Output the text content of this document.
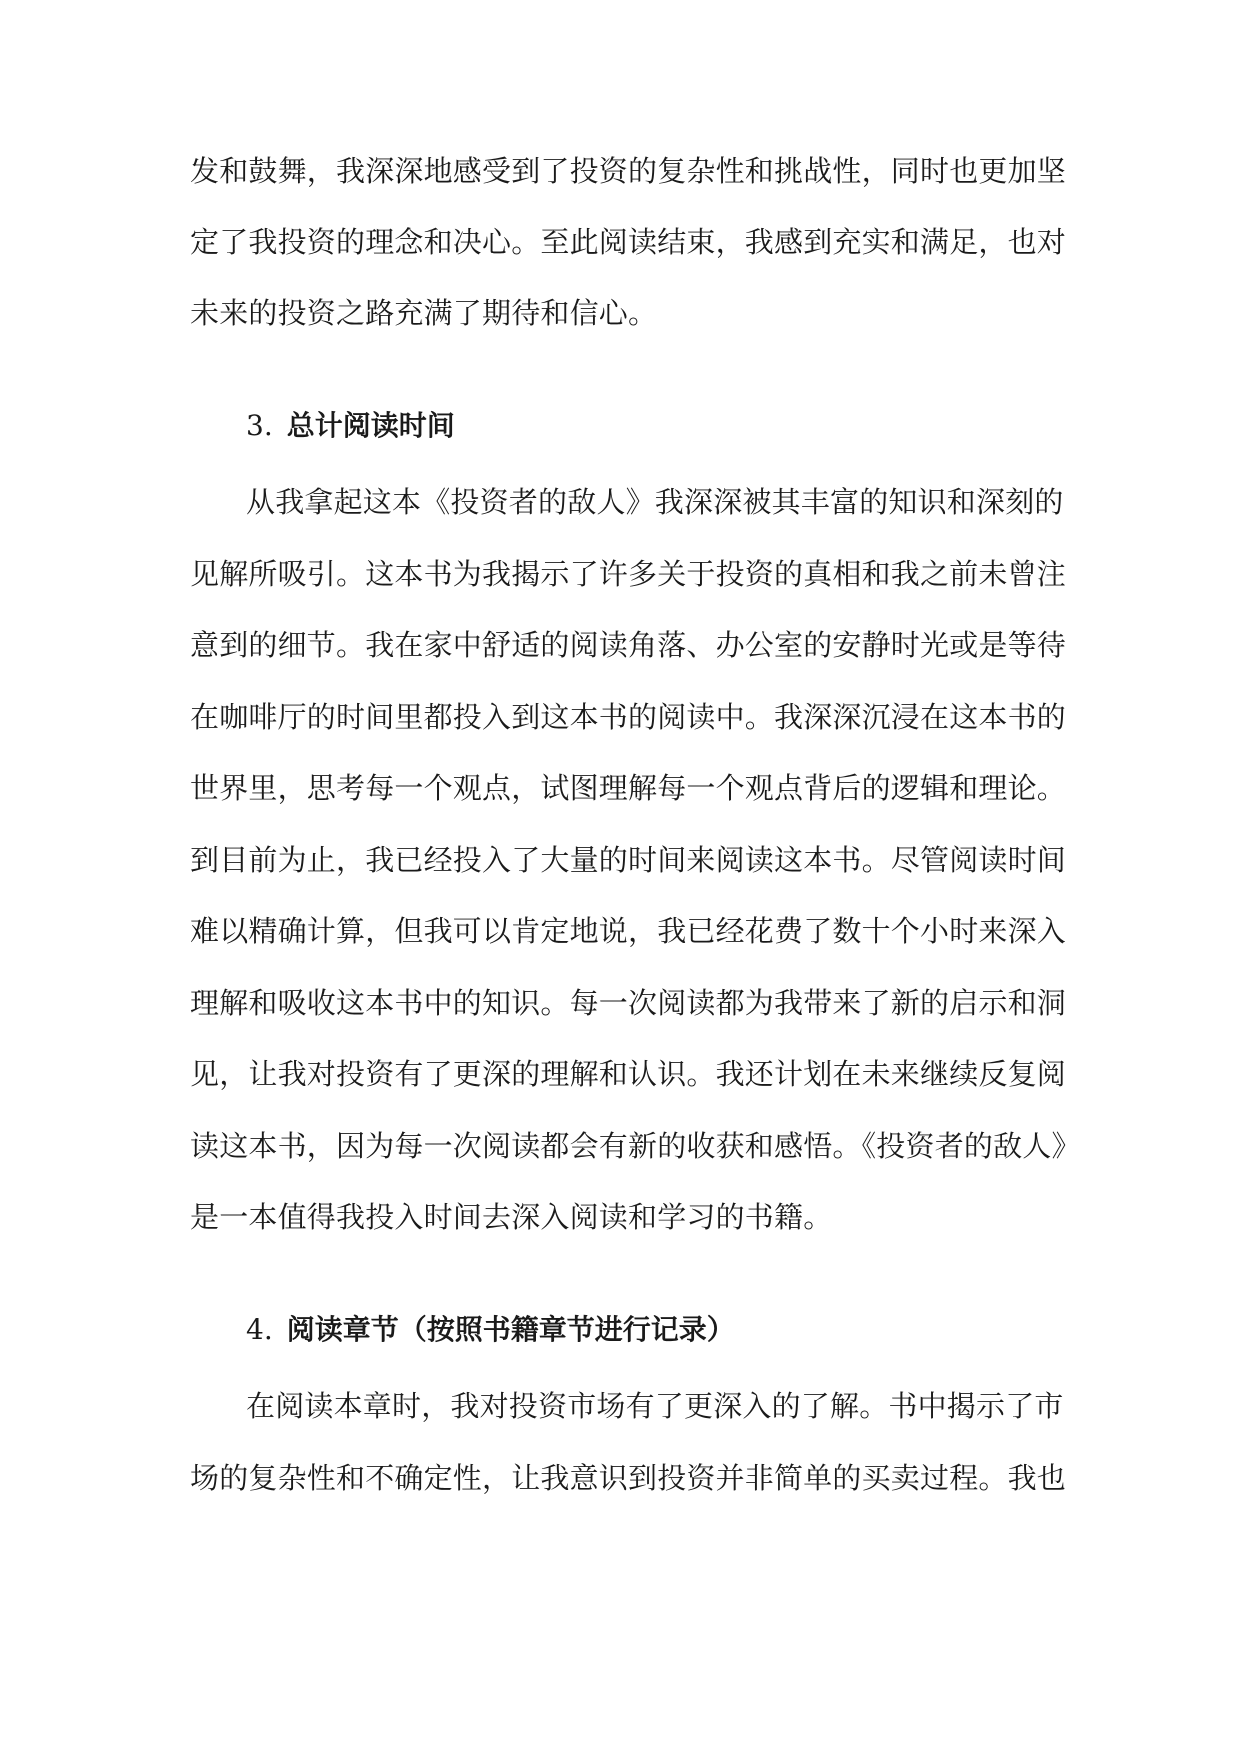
发和鼓舞，我深深地感受到了投资的复杂性和挑战性，同时也更加坚
定了我投资的理念和决心。至此阅读结束，我感到充实和满足，也对
未来的投资之路充满了期待和信心。
3. 总计阅读时间
从我拿起这本《投资者的敌人》我深深被其丰富的知识和深刻的
见解所吸引。这本书为我揭示了许多关于投资的真相和我之前未曾注
意到的细节。我在家中舒适的阅读角落、办公室的安静时光或是等待
在咖啡厅的时间里都投入到这本书的阅读中。我深深沉浸在这本书的
世界里，思考每一个观点，试图理解每一个观点背后的逻辑和理论。
到目前为止，我已经投入了大量的时间来阅读这本书。尽管阅读时间
难以精确计算，但我可以肯定地说，我已经花费了数十个小时来深入
理解和吸收这本书中的知识。每一次阅读都为我带来了新的启示和洞
见，让我对投资有了更深的理解和认识。我还计划在未来继续反复阅
读这本书，因为每一次阅读都会有新的收获和感悟。《投资者的敌人》
是一本值得我投入时间去深入阅读和学习的书籍。
4. 阅读章节（按照书籍章节进行记录）
在阅读本章时，我对投资市场有了更深入的了解。书中揭示了市
场的复杂性和不确定性，让我意识到投资并非简单的买卖过程。我也
